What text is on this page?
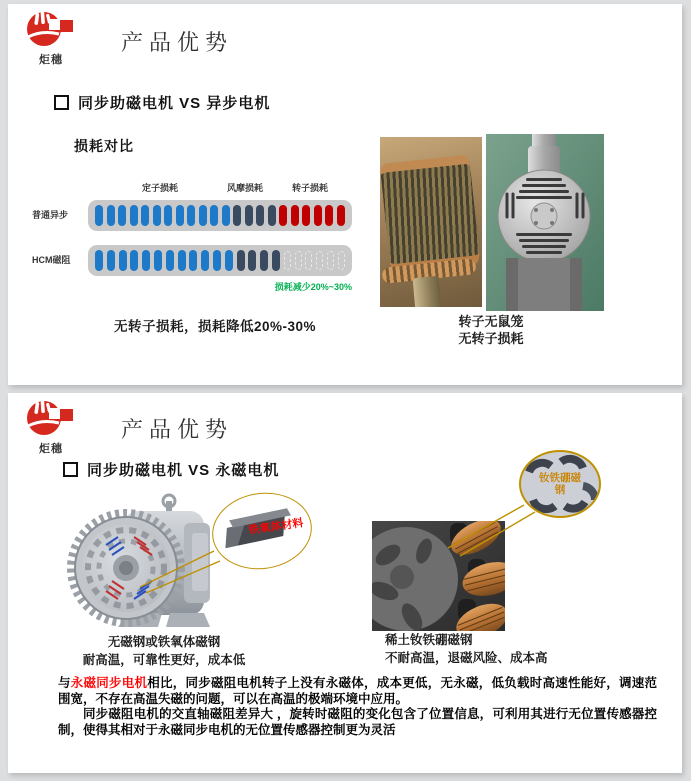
炬穗
产品优势
同步助磁电机 VS 异步电机
损耗对比
定子损耗	风摩损耗	转子损耗
普通异步
HCM磁阻
损耗减少20%~30%
无转子损耗，损耗降低20%-30%	转子无鼠笼
无转子损耗
炬穗
产品优势
同步助磁电机 VS 永磁电机
铁氧体材料
钕铁硼磁
钢
无磁钢或铁氧体磁钢
耐高温，可靠性更好，成本低
稀土钕铁硼磁钢
不耐高温，退磁风险、成本高

与永磁同步电机相比，同步磁阻电机转子上没有永磁体，成本更低，无永磁，低负载时高速性能好，调速范围宽，不存在高温失磁的问题，可以在高温的极端环境中应用。

同步磁阻电机的交直轴磁阻差异大 ，旋转时磁阻的变化包含了位置信息，可利用其进行无位置传感器控制，使得其相对于永磁同步电机的无位置传感器控制更为灵活
